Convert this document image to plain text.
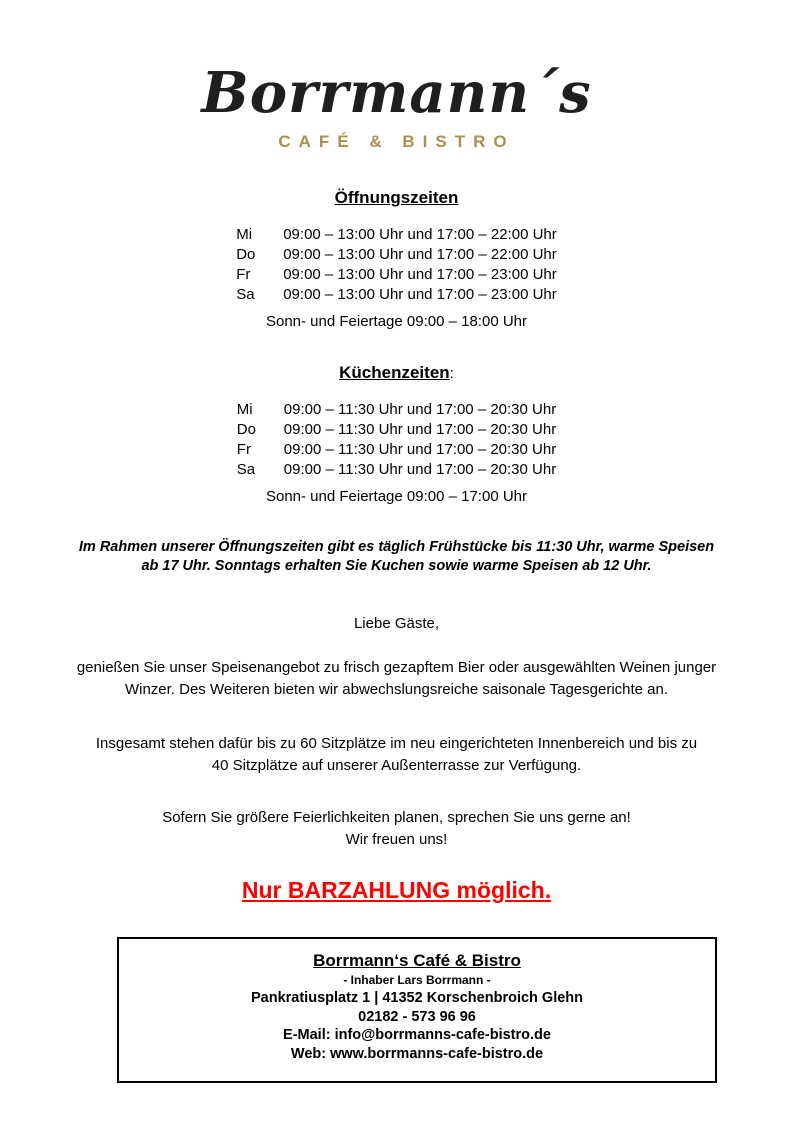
Borrmann´s
CAFÉ & BISTRO
Öffnungszeiten
Mi 09:00 – 13:00 Uhr und 17:00 – 22:00 Uhr
Do 09:00 – 13:00 Uhr und 17:00 – 22:00 Uhr
Fr 09:00 – 13:00 Uhr und 17:00 – 23:00 Uhr
Sa 09:00 – 13:00 Uhr und 17:00 – 23:00 Uhr
Sonn- und Feiertage 09:00 – 18:00 Uhr
Küchenzeiten:
Mi 09:00 – 11:30 Uhr und 17:00 – 20:30 Uhr
Do 09:00 – 11:30 Uhr und 17:00 – 20:30 Uhr
Fr 09:00 – 11:30 Uhr und 17:00 – 20:30 Uhr
Sa 09:00 – 11:30 Uhr und 17:00 – 20:30 Uhr
Sonn- und Feiertage 09:00 – 17:00 Uhr
Im Rahmen unserer Öffnungszeiten gibt es täglich Frühstücke bis 11:30 Uhr, warme Speisen ab 17 Uhr. Sonntags erhalten Sie Kuchen sowie warme Speisen ab 12 Uhr.
Liebe Gäste,
genießen Sie unser Speisenangebot zu frisch gezapftem Bier oder ausgewählten Weinen junger Winzer. Des Weiteren bieten wir abwechslungsreiche saisonale Tagesgerichte an.
Insgesamt stehen dafür bis zu 60 Sitzplätze im neu eingerichteten Innenbereich und bis zu 40 Sitzplätze auf unserer Außenterrasse zur Verfügung.
Sofern Sie größere Feierlichkeiten planen, sprechen Sie uns gerne an!
Wir freuen uns!
Nur BARZAHLUNG möglich.
Borrmann‘s Café & Bistro
- Inhaber Lars Borrmann -
Pankratiusplatz 1 | 41352 Korschenbroich Glehn
02182 - 573 96 96
E-Mail: info@borrmanns-cafe-bistro.de
Web: www.borrmanns-cafe-bistro.de
